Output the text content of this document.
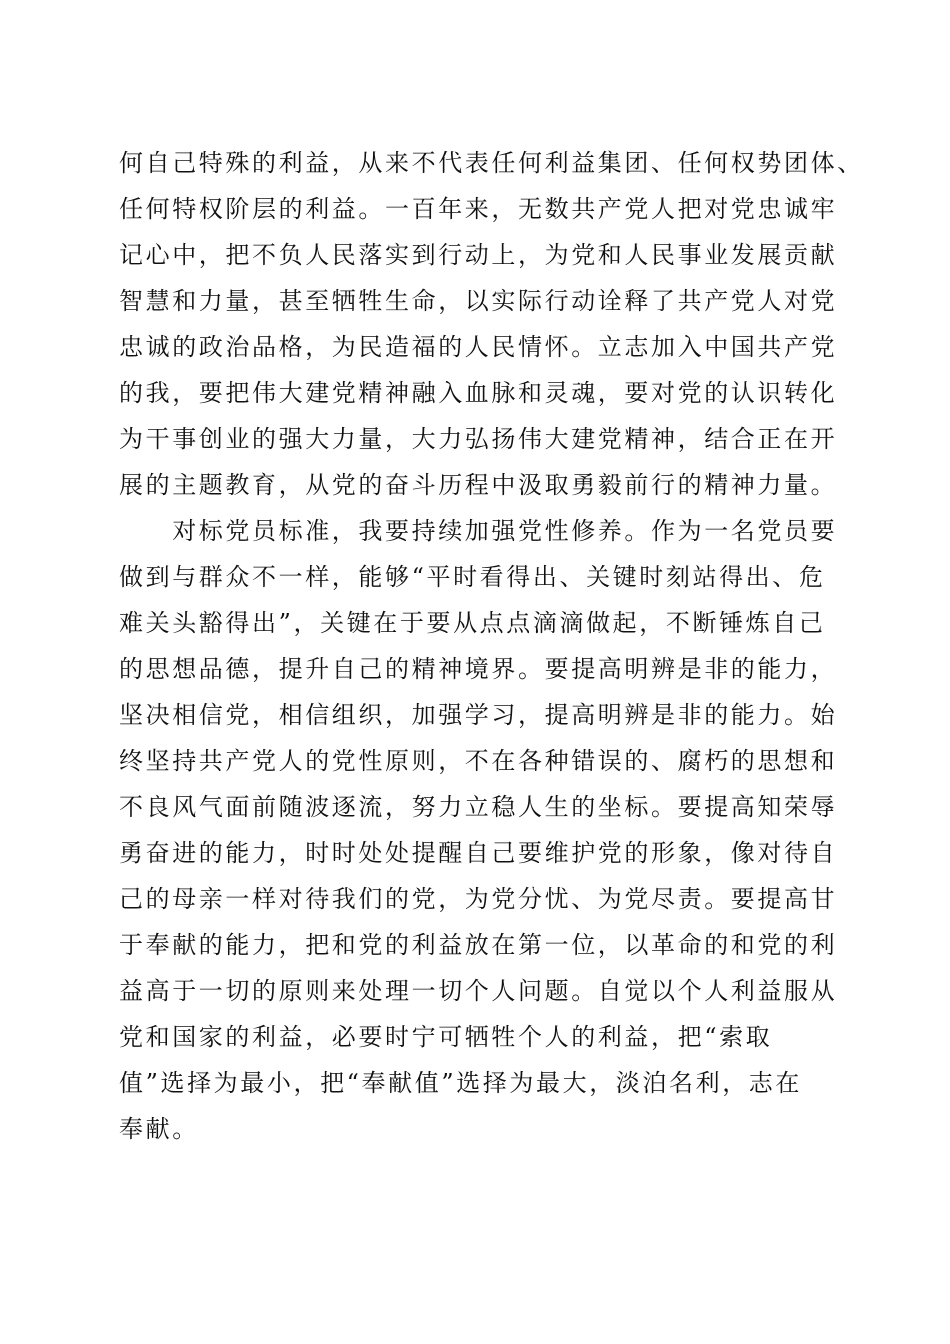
何自己特殊的利益，从来不代表任何利益集团、任何权势团体、
任何特权阶层的利益。一百年来，无数共产党人把对党忠诚牢
记心中，把不负人民落实到行动上，为党和人民事业发展贡献
智慧和力量，甚至牺牲生命，以实际行动诠释了共产党人对党
忠诚的政治品格，为民造福的人民情怀。立志加入中国共产党
的我，要把伟大建党精神融入血脉和灵魂，要对党的认识转化
为干事创业的强大力量，大力弘扬伟大建党精神，结合正在开
展的主题教育，从党的奋斗历程中汲取勇毅前行的精神力量。
　　对标党员标准，我要持续加强党性修养。作为一名党员要
做到与群众不一样，能够“平时看得出、关键时刻站得出、危
难关头豁得出”，关键在于要从点点滴滴做起，不断锤炼自己
的思想品德，提升自己的精神境界。要提高明辨是非的能力，
坚决相信党，相信组织，加强学习，提高明辨是非的能力。始
终坚持共产党人的党性原则，不在各种错误的、腐朽的思想和
不良风气面前随波逐流，努力立稳人生的坐标。要提高知荣辱
勇奋进的能力，时时处处提醒自己要维护党的形象，像对待自
己的母亲一样对待我们的党，为党分忧、为党尽责。要提高甘
于奉献的能力，把和党的利益放在第一位，以革命的和党的利
益高于一切的原则来处理一切个人问题。自觉以个人利益服从
党和国家的利益，必要时宁可牺牲个人的利益，把“索取
值”选择为最小，把“奉献值”选择为最大，淡泊名利，志在
奉献。
